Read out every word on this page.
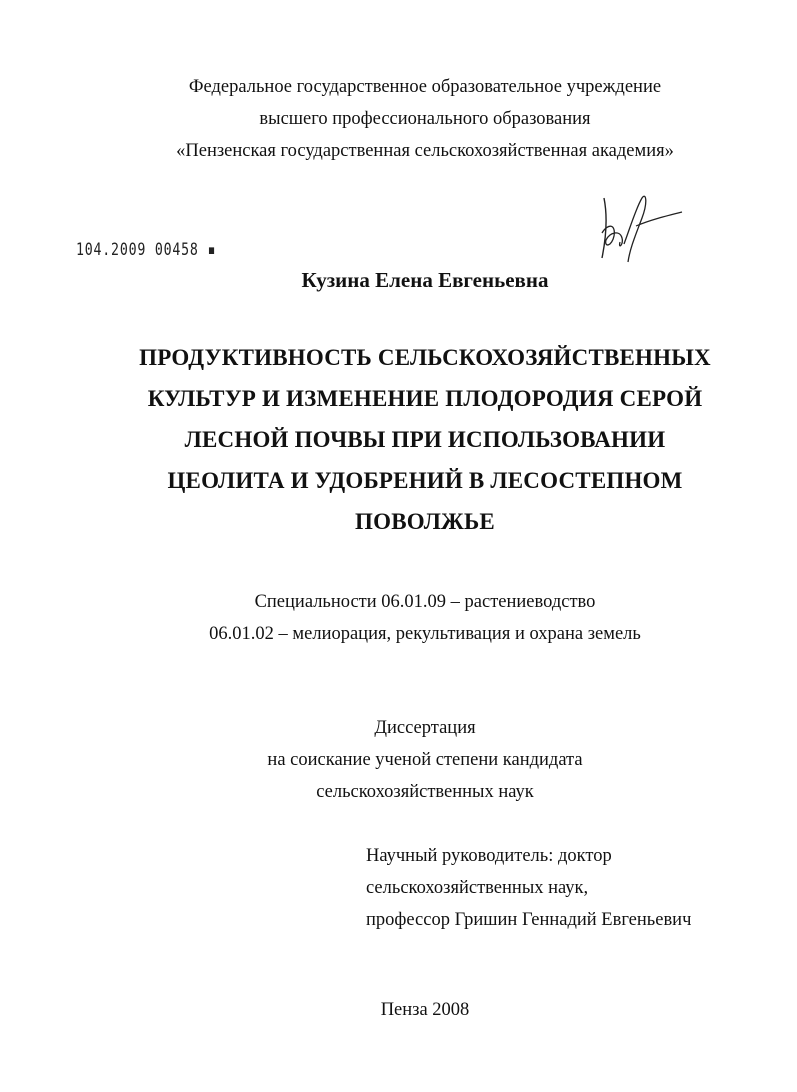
Федеральное государственное образовательное учреждение
высшего профессионального образования
«Пензенская государственная сельскохозяйственная академия»
104.2009 00458 ▪
Кузина Елена Евгеньевна
ПРОДУКТИВНОСТЬ СЕЛЬСКОХОЗЯЙСТВЕННЫХ
КУЛЬТУР И ИЗМЕНЕНИЕ ПЛОДОРОДИЯ СЕРОЙ
ЛЕСНОЙ ПОЧВЫ ПРИ ИСПОЛЬЗОВАНИИ
ЦЕОЛИТА И УДОБРЕНИЙ В ЛЕСОСТЕПНОМ
ПОВОЛЖЬЕ
Специальности 06.01.09 – растениеводство
06.01.02 – мелиорация, рекультивация и охрана земель
Диссертация
на соискание ученой степени кандидата
сельскохозяйственных наук
Научный руководитель: доктор
сельскохозяйственных наук,
профессор Гришин Геннадий Евгеньевич
Пенза 2008
